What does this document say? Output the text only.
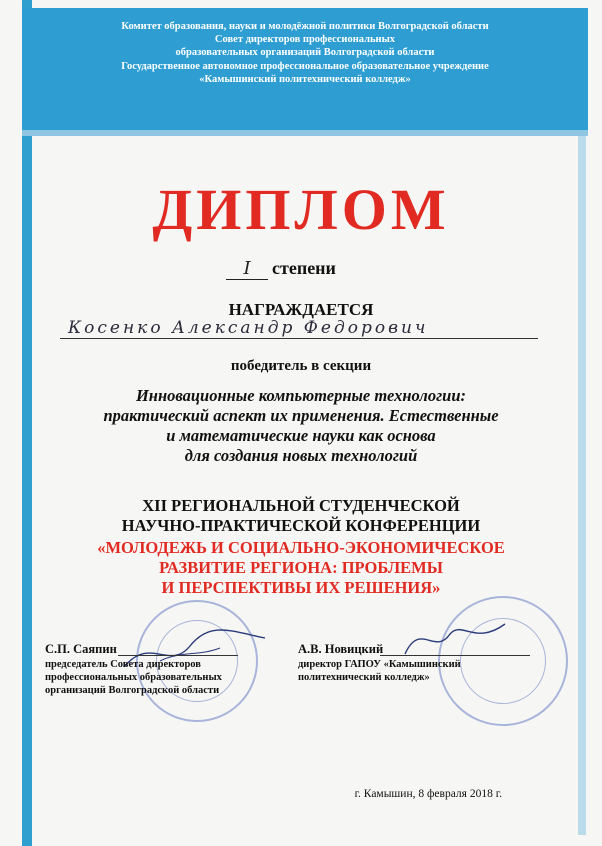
Комитет образования, науки и молодёжной политики Волгоградской области
Совет директоров профессиональных
образовательных организаций Волгоградской области
Государственное автономное профессиональное образовательное учреждение
«Камышинский политехнический колледж»
ДИПЛОМ
I степени
НАГРАЖДАЕТСЯ
Косенко Александр Федорович
победитель в секции
Инновационные компьютерные технологии:
практический аспект их применения. Естественные
и математические науки как основа
для создания новых технологий
XII РЕГИОНАЛЬНОЙ СТУДЕНЧЕСКОЙ
НАУЧНО-ПРАКТИЧЕСКОЙ КОНФЕРЕНЦИИ
«МОЛОДЕЖЬ И СОЦИАЛЬНО-ЭКОНОМИЧЕСКОЕ
РАЗВИТИЕ РЕГИОНА: ПРОБЛЕМЫ
И ПЕРСПЕКТИВЫ ИХ РЕШЕНИЯ»
С.П. Саяпин
председатель Совета директоров
профессиональных образовательных
организаций Волгоградской области
А.В. Новицкий
директор ГАПОУ «Камышинский
политехнический колледж»
г. Камышин, 8 февраля 2018 г.
